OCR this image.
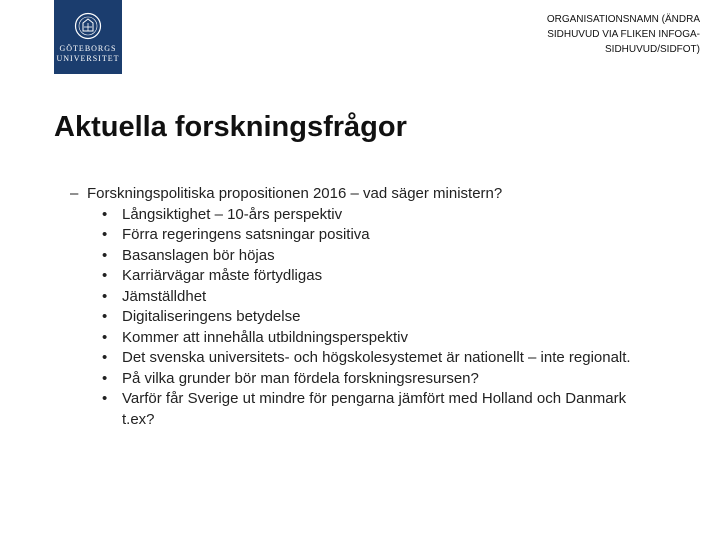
GÖTEBORGS
UNIVERSITET
ORGANISATIONSNAMN (ÄNDRA SIDHUVUD VIA FLIKEN INFOGA-SIDHUVUD/SIDFOT)
Aktuella forskningsfrågor
– Forskningspolitiska propositionen 2016 – vad säger ministern?
• Långsiktighet – 10-års perspektiv
• Förra regeringens satsningar positiva
• Basanslagen bör höjas
• Karriärvägar måste förtydligas
• Jämställdhet
• Digitaliseringens betydelse
• Kommer att innehålla utbildningsperspektiv
• Det svenska universitets- och högskolesystemet är nationellt – inte regionalt.
• På vilka grunder bör man fördela forskningsresursen?
• Varför får Sverige ut mindre för pengarna jämfört med Holland och Danmark t.ex?
